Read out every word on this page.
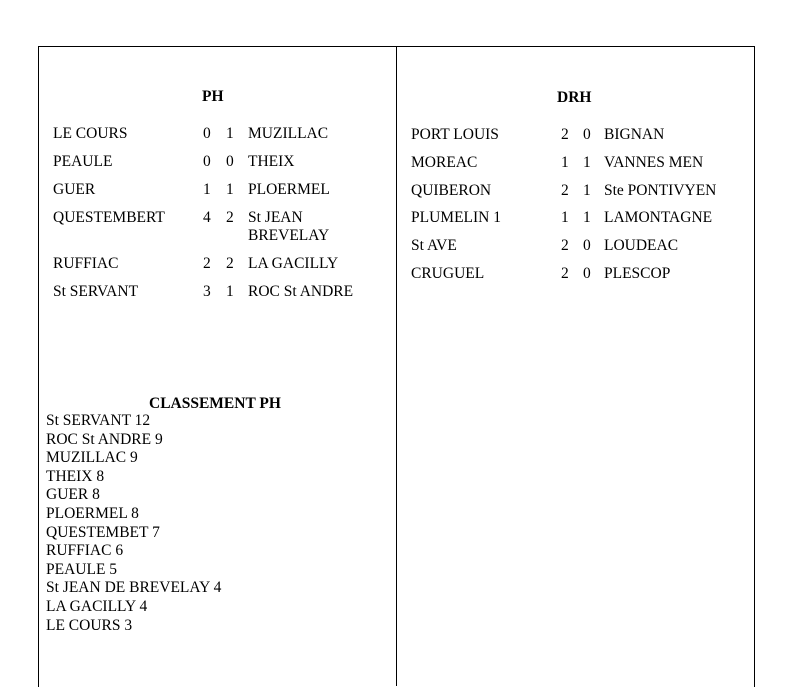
PH	DRH
LE COURS	0	1	MUZILLAC
PEAULE	0	0	THEIX
GUER	1	1	PLOERMEL
QUESTEMBERT	4	2	St JEAN BREVELAY
RUFFIAC	2	2	LA GACILLY
St SERVANT	3	1	ROC St ANDRE
PORT LOUIS	2	0	BIGNAN
MOREAC	1	1	VANNES MEN
QUIBERON	2	1	Ste PONTIVYEN
PLUMELIN 1	1	1	LAMONTAGNE
St AVE	2	0	LOUDEAC
CRUGUEL	2	0	PLESCOP
CLASSEMENT PH
St SERVANT 12
ROC St ANDRE 9
MUZILLAC 9
THEIX 8
GUER 8
PLOERMEL 8
QUESTEMBET 7
RUFFIAC 6
PEAULE 5
St JEAN DE BREVELAY 4
LA GACILLY 4
LE COURS 3
